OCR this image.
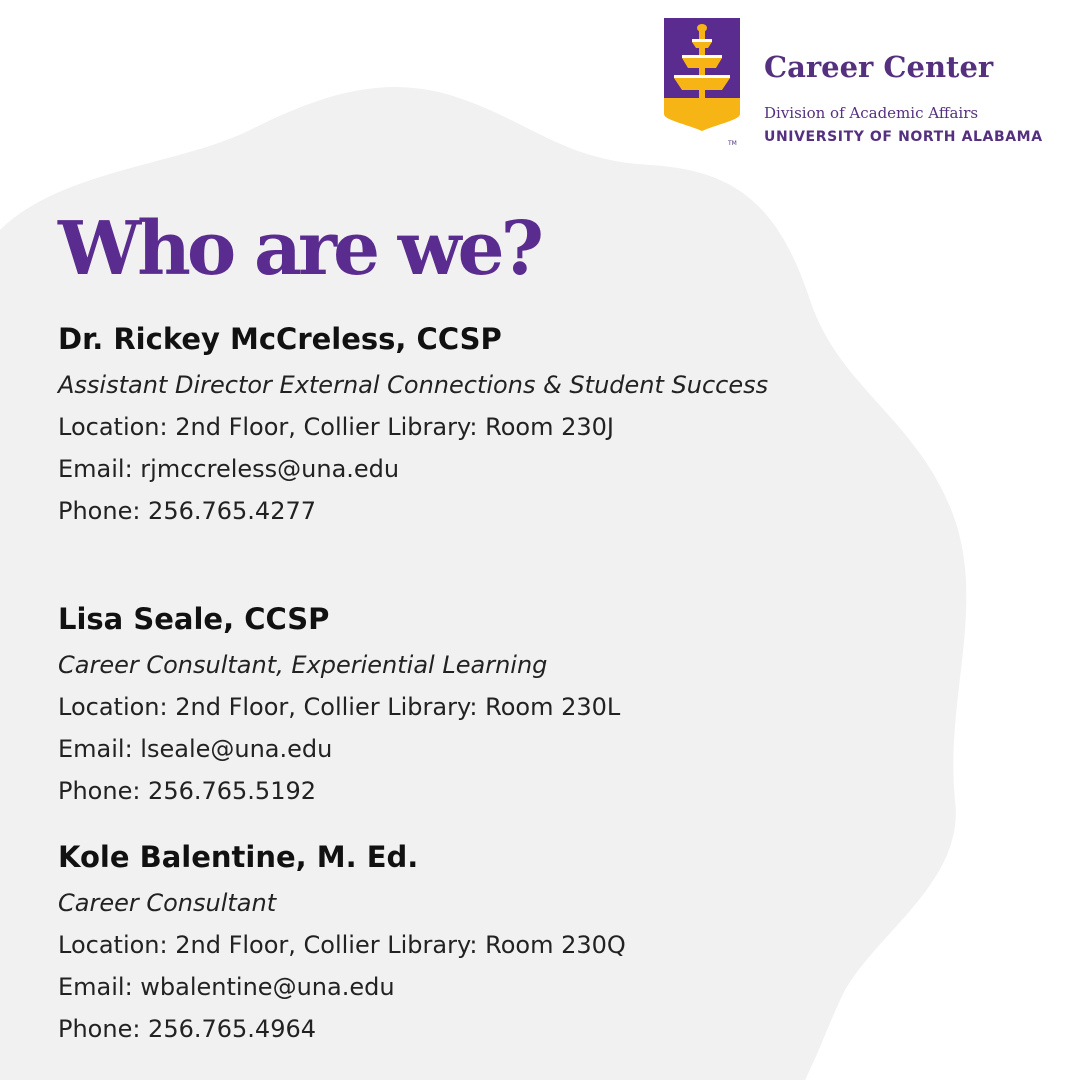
TM
Career Center
Division of Academic Affairs
UNIVERSITY OF NORTH ALABAMA
Who are we?
Dr. Rickey McCreless, CCSP
Assistant Director External Connections & Student Success
Location: 2nd Floor, Collier Library: Room 230J
Email: rjmccreless@una.edu
Phone: 256.765.4277
Lisa Seale, CCSP
Career Consultant, Experiential Learning
Location: 2nd Floor, Collier Library: Room 230L
Email: lseale@una.edu
Phone: 256.765.5192
Kole Balentine, M. Ed.
Career Consultant
Location: 2nd Floor, Collier Library: Room 230Q
Email: wbalentine@una.edu
Phone: 256.765.4964
